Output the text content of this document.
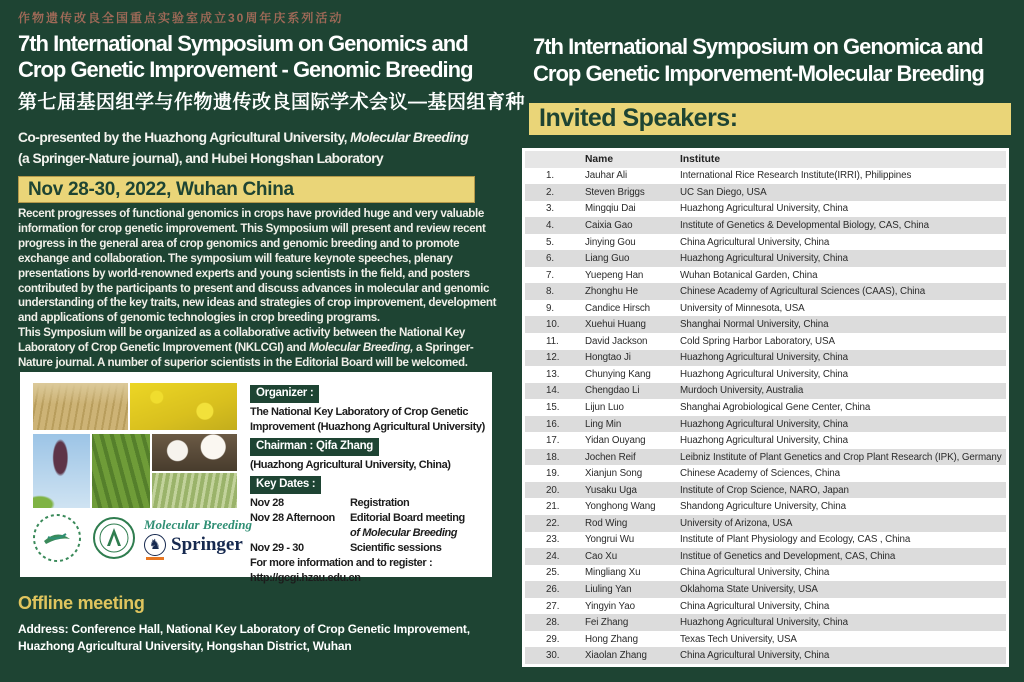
作物遗传改良全国重点实验室成立30周年庆系列活动
7th International Symposium on Genomics and
Crop Genetic Improvement - Genomic Breeding
第七届基因组学与作物遗传改良国际学术会议—基因组育种
Co-presented by the Huazhong Agricultural University, Molecular Breeding
(a Springer-Nature journal), and Hubei Hongshan Laboratory
Nov 28-30, 2022, Wuhan China

Recent progresses of functional genomics in crops have provided huge and very valuable information for crop genetic improvement. This Symposium will present and review recent progress in the general area of crop genomics and genomic breeding and to promote exchange and collaboration. The symposium will feature keynote speeches, plenary presentations by world-renowned experts and young scientists in the field, and posters contributed by the participants to present and discuss advances in molecular and genomic understanding of the key traits, new ideas and strategies of crop improvement, development and applications of genomic technologies in crop breeding programs.

This Symposium will be organized as a collaborative activity between the National Key Laboratory of Crop Genetic Improvement (NKLCGI) and Molecular Breeding, a Springer-Nature journal. A number of superior scientists in the Editorial Board will be welcomed.

Molecular Breeding
♞ Springer
Organizer :
The National Key Laboratory of Crop Genetic
Improvement (Huazhong Agricultural University)
Chairman : Qifa Zhang
(Huazhong Agricultural University, China)
Key Dates :
Nov 28	Registration
Nov 28 Afternoon	Editorial Board meeting
of Molecular Breeding
Nov 29 - 30	Scientific sessions
For more information and to register :
http://gcgi.hzau.edu.cn
Offline meeting
Address: Conference Hall, National Key Laboratory of Crop Genetic Improvement,
Huazhong Agricultural University, Hongshan District, Wuhan
7th International Symposium on Genomica and
Crop Genetic Imporvement-Molecular Breeding
Invited Speakers:
Name	Institute
1.	Jauhar Ali	International Rice Research Institute(IRRI), Philippines
2.	Steven Briggs	UC San Diego, USA
3.	Mingqiu Dai	Huazhong Agricultural University, China
4.	Caixia Gao	Institute of Genetics & Developmental Biology, CAS, China
5.	Jinying Gou	China Agricultural University, China
6.	Liang Guo	Huazhong Agricultural University, China
7.	Yuepeng Han	Wuhan Botanical Garden, China
8.	Zhonghu He	Chinese Academy of Agricultural Sciences (CAAS), China
9.	Candice Hirsch	University of Minnesota, USA
10.	Xuehui Huang	Shanghai Normal University, China
11.	David Jackson	Cold Spring Harbor Laboratory, USA
12.	Hongtao Ji	Huazhong Agricultural University, China
13.	Chunying Kang	Huazhong Agricultural University, China
14.	Chengdao Li	Murdoch University, Australia
15.	Lijun Luo	Shanghai Agrobiological Gene Center, China
16.	Ling Min	Huazhong Agricultural University, China
17.	Yidan Ouyang	Huazhong Agricultural University, China
18.	Jochen Reif	Leibniz Institute of Plant Genetics and Crop Plant Research (IPK), Germany
19.	Xianjun Song	Chinese Academy of Sciences, China
20.	Yusaku Uga	Institute of Crop Science, NARO, Japan
21.	Yonghong Wang	Shandong Agriculture University, China
22.	Rod Wing	University of Arizona, USA
23.	Yongrui Wu	Institute of Plant Physiology and Ecology, CAS , China
24.	Cao Xu	Institue of Genetics and Development, CAS, China
25.	Mingliang Xu	China Agricultural University, China
26.	Liuling Yan	Oklahoma State University, USA
27.	Yingyin Yao	China Agricultural University, China
28.	Fei Zhang	Huazhong Agricultural University, China
29.	Hong Zhang	Texas Tech University, USA
30.	Xiaolan Zhang	China Agricultural University, China
